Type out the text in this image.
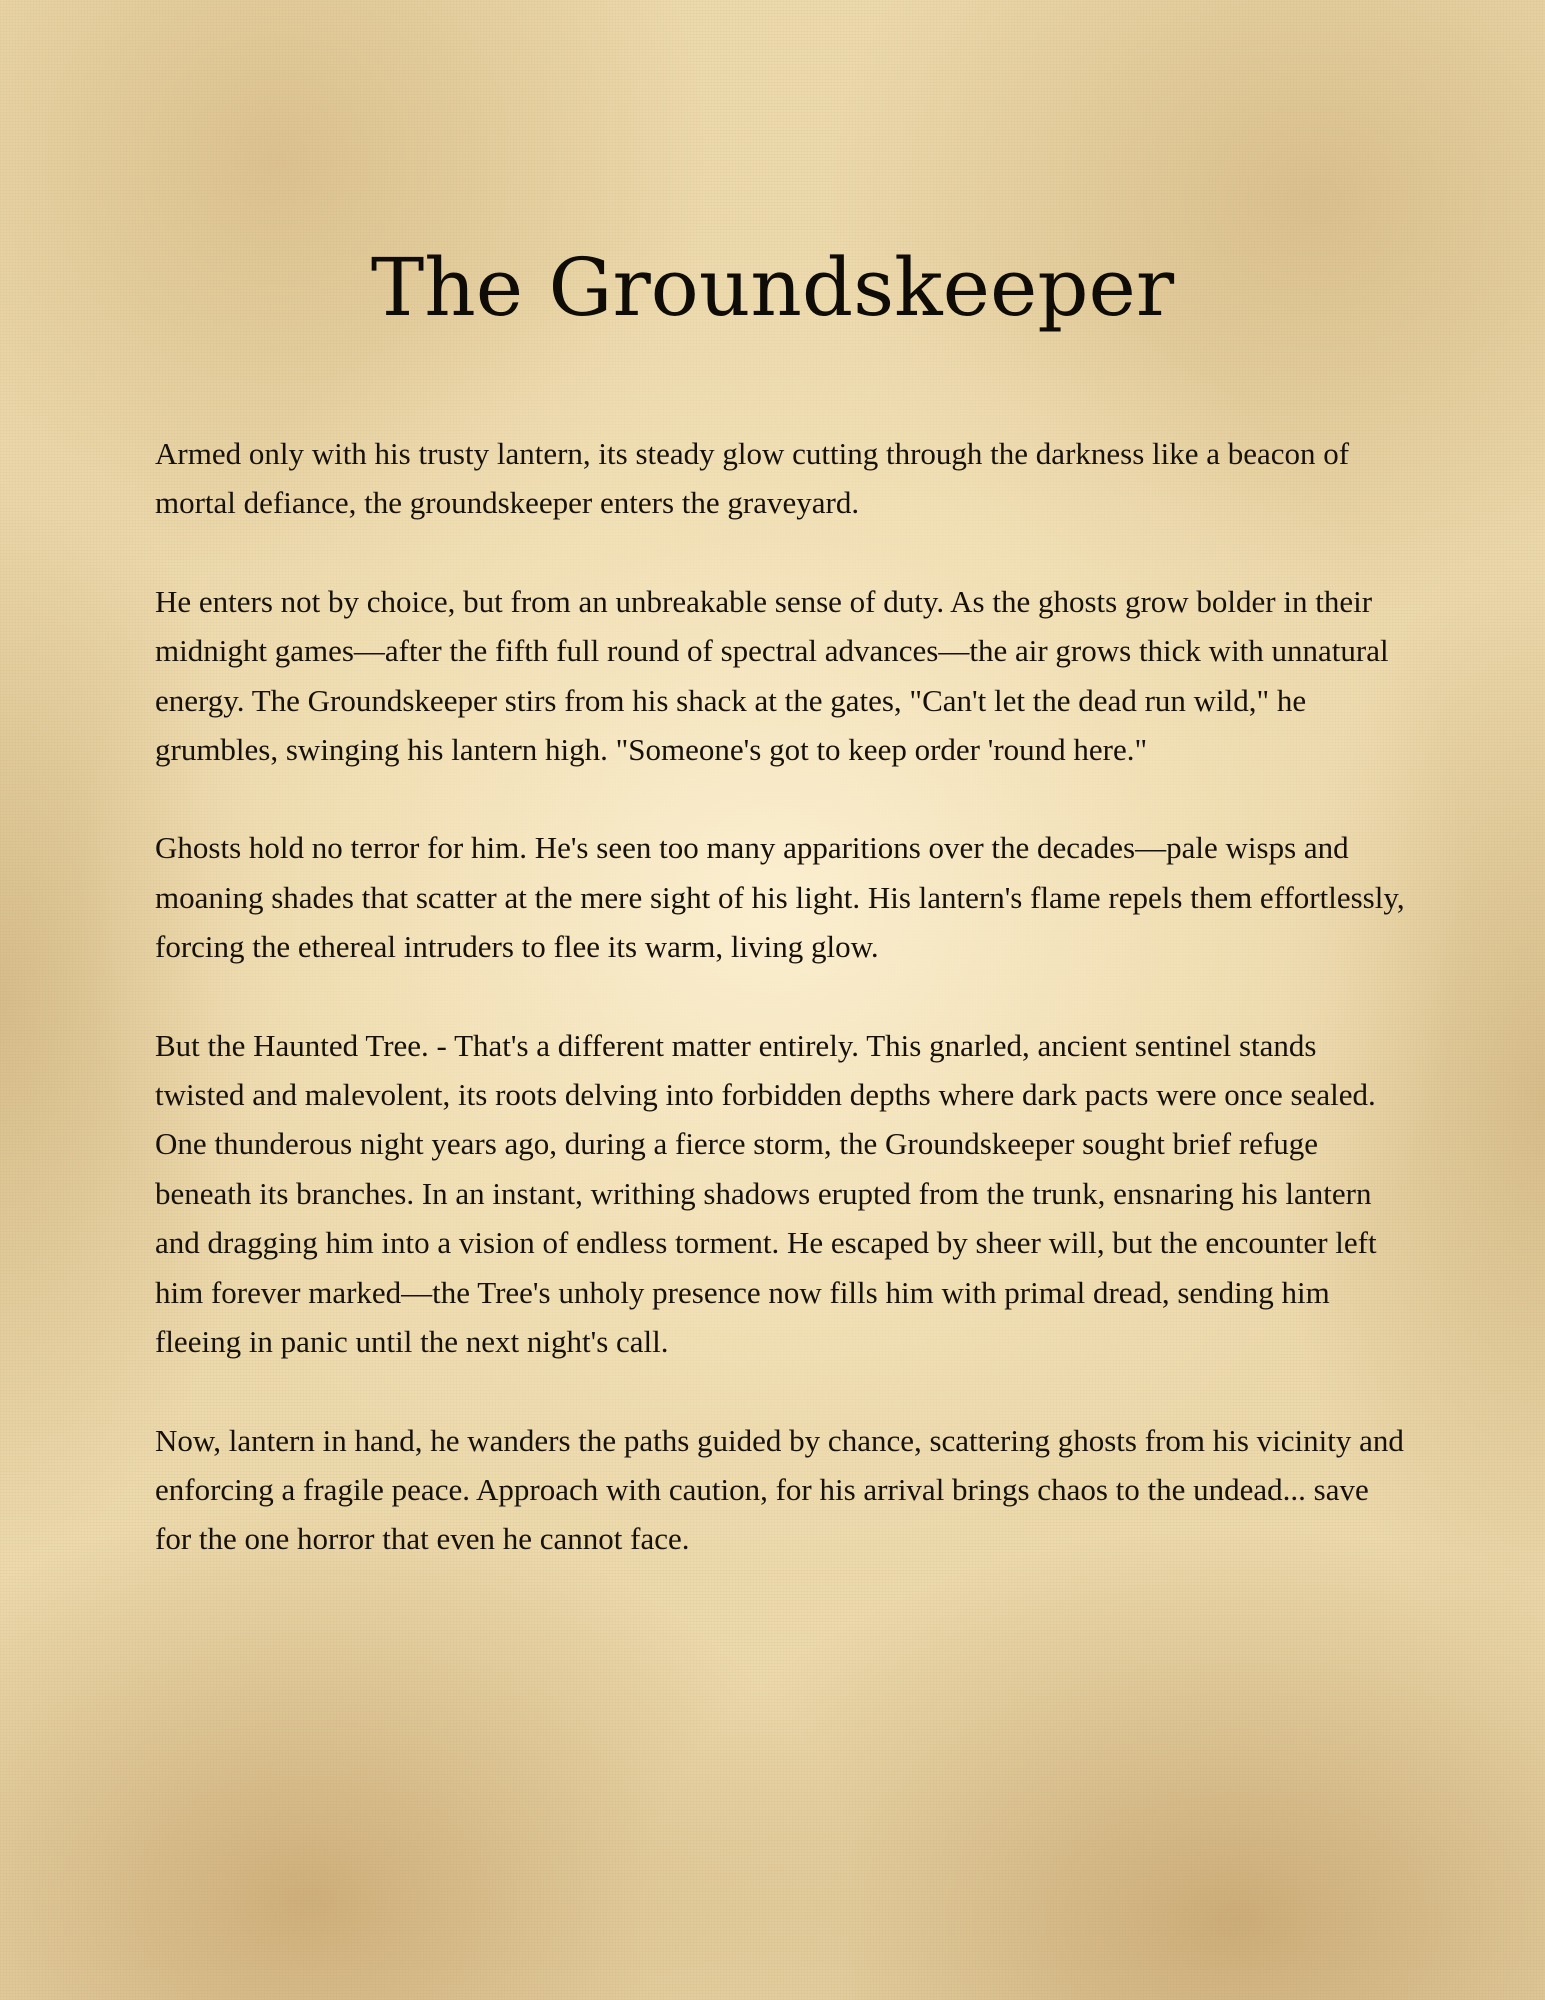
The Groundskeeper

Armed only with his trusty lantern, its steady glow cutting through the darkness like a beacon of mortal defiance, the groundskeeper enters the graveyard.

He enters not by choice, but from an unbreakable sense of duty. As the ghosts grow bolder in their midnight games—after the fifth full round of spectral advances—the air grows thick with unnatural energy. The Groundskeeper stirs from his shack at the gates, "Can't let the dead run wild," he grumbles, swinging his lantern high. "Someone's got to keep order 'round here."

Ghosts hold no terror for him. He's seen too many apparitions over the decades—pale wisps and moaning shades that scatter at the mere sight of his light. His lantern's flame repels them effortlessly, forcing the ethereal intruders to flee its warm, living glow.

But the Haunted Tree. - That's a different matter entirely. This gnarled, ancient sentinel stands twisted and malevolent, its roots delving into forbidden depths where dark pacts were once sealed. One thunderous night years ago, during a fierce storm, the Groundskeeper sought brief refuge beneath its branches. In an instant, writhing shadows erupted from the trunk, ensnaring his lantern and dragging him into a vision of endless torment. He escaped by sheer will, but the encounter left him forever marked—the Tree's unholy presence now fills him with primal dread, sending him fleeing in panic until the next night's call.

Now, lantern in hand, he wanders the paths guided by chance, scattering ghosts from his vicinity and enforcing a fragile peace. Approach with caution, for his arrival brings chaos to the undead... save for the one horror that even he cannot face.
